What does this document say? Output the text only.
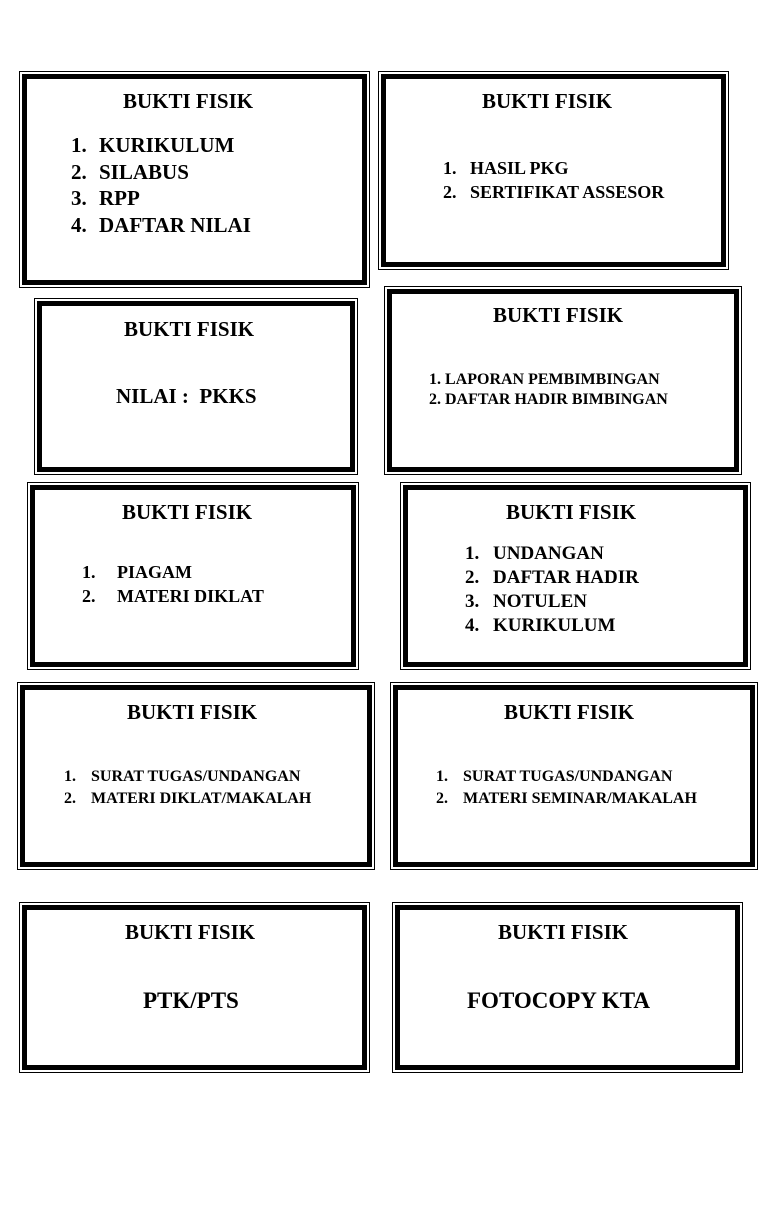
BUKTI FISIK
1. KURIKULUM
2. SILABUS
3. RPP
4. DAFTAR NILAI
BUKTI FISIK
1. HASIL PKG
2. SERTIFIKAT ASSESOR
BUKTI FISIK
NILAI :  PKKS
BUKTI FISIK
1. LAPORAN PEMBIMBINGAN
2. DAFTAR HADIR BIMBINGAN
BUKTI FISIK
1. PIAGAM
2. MATERI DIKLAT
BUKTI FISIK
1. UNDANGAN
2. DAFTAR HADIR
3. NOTULEN
4. KURIKULUM
BUKTI FISIK
1. SURAT TUGAS/UNDANGAN
2. MATERI DIKLAT/MAKALAH
BUKTI FISIK
1. SURAT TUGAS/UNDANGAN
2. MATERI SEMINAR/MAKALAH
BUKTI FISIK
PTK/PTS
BUKTI FISIK
FOTOCOPY KTA
